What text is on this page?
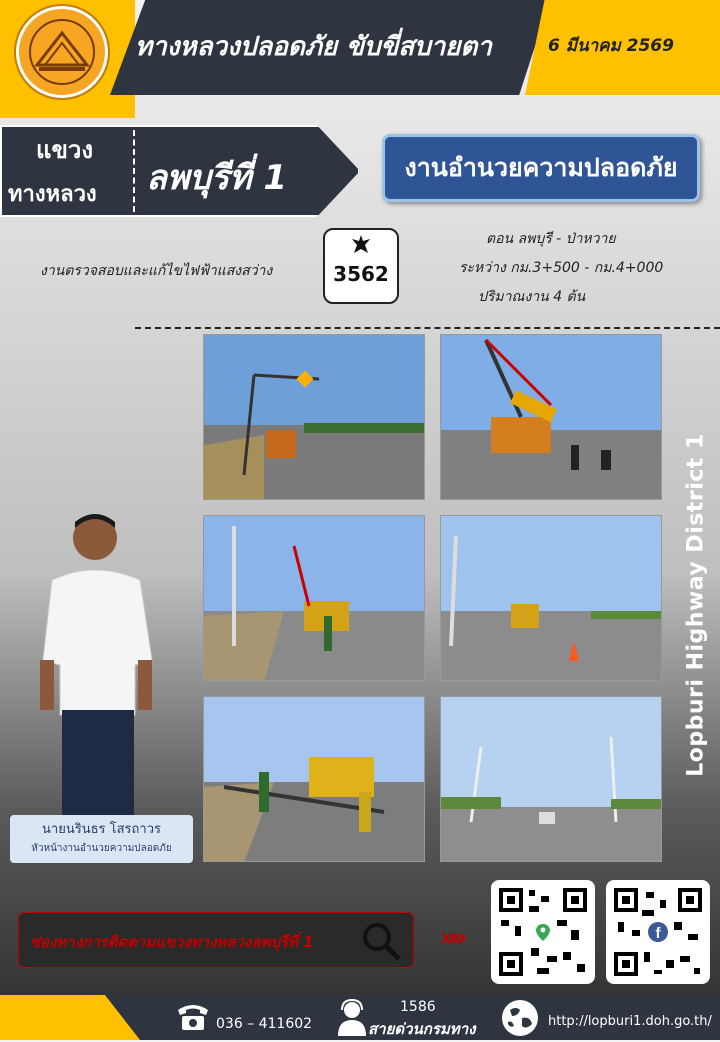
ทางหลวงปลอดภัย ขับขี่สบายตา	6 มีนาคม 2569
แขวง
ทางหลวง ลพบุรีที่ 1	งานอำนวยความปลอดภัย
งานตรวจสอบและแก้ไขไฟฟ้าแสงสว่าง	3562
ตอน ลพบุรี - ป่าหวาย
ระหว่าง กม.3+500 - กม.4+000
ปริมาณงาน 4 ต้น
นายนรินธร โสรถาวร
หัวหน้างานอำนวยความปลอดภัย
Lopburi Highway District 1
ช่องทางการติดตามแขวงทางหลวงลพบุรีที่ 1	»»	f
036 – 411602
1586
สายด่วนกรมทาง	http://lopburi1.doh.go.th/
